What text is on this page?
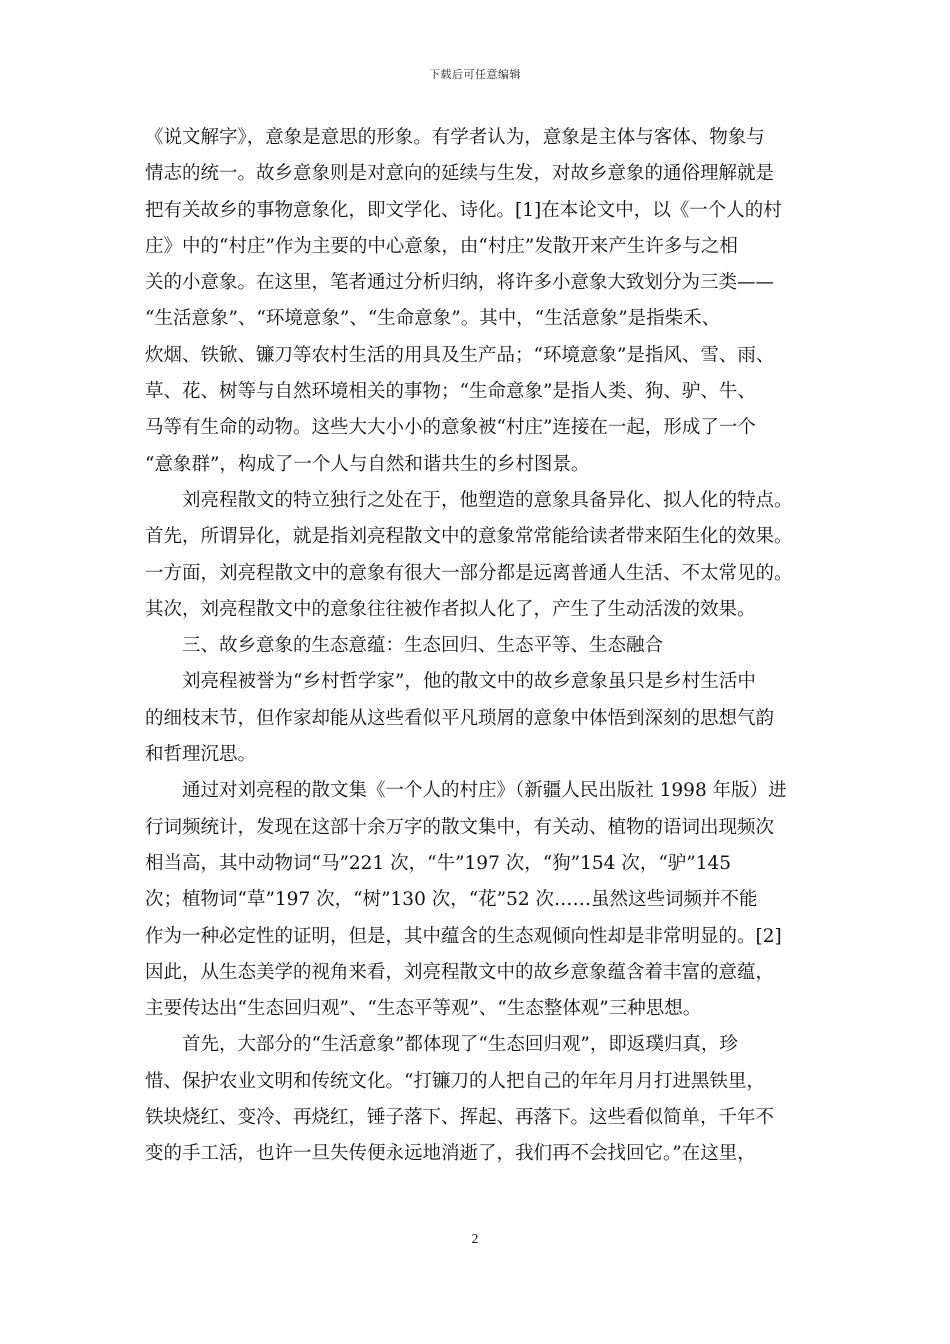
下载后可任意编辑
《说文解字》，意象是意思的形象。有学者认为，意象是主体与客体、物象与
情志的统一。故乡意象则是对意向的延续与生发，对故乡意象的通俗理解就是
把有关故乡的事物意象化，即文学化、诗化。[1]在本论文中，以《一个人的村
庄》中的“村庄”作为主要的中心意象，由“村庄”发散开来产生许多与之相
关的小意象。在这里，笔者通过分析归纳，将许多小意象大致划分为三类——
“生活意象”、“环境意象”、“生命意象”。其中，“生活意象”是指柴禾、
炊烟、铁锨、镰刀等农村生活的用具及生产品；“环境意象”是指风、雪、雨、
草、花、树等与自然环境相关的事物；“生命意象”是指人类、狗、驴、牛、
马等有生命的动物。这些大大小小的意象被“村庄”连接在一起，形成了一个
“意象群”，构成了一个人与自然和谐共生的乡村图景。
　　刘亮程散文的特立独行之处在于，他塑造的意象具备异化、拟人化的特点。
首先，所谓异化，就是指刘亮程散文中的意象常常能给读者带来陌生化的效果。
一方面，刘亮程散文中的意象有很大一部分都是远离普通人生活、不太常见的。
其次，刘亮程散文中的意象往往被作者拟人化了，产生了生动活泼的效果。
　　三、故乡意象的生态意蕴：生态回归、生态平等、生态融合
　　刘亮程被誉为“乡村哲学家”，他的散文中的故乡意象虽只是乡村生活中
的细枝末节，但作家却能从这些看似平凡琐屑的意象中体悟到深刻的思想气韵
和哲理沉思。
　　通过对刘亮程的散文集《一个人的村庄》（新疆人民出版社 1998 年版）进
行词频统计，发现在这部十余万字的散文集中，有关动、植物的语词出现频次
相当高，其中动物词“马”221 次，“牛”197 次，“狗”154 次，“驴”145
次；植物词“草”197 次，“树”130 次，“花”52 次……虽然这些词频并不能
作为一种必定性的证明，但是，其中蕴含的生态观倾向性却是非常明显的。[2]
因此，从生态美学的视角来看，刘亮程散文中的故乡意象蕴含着丰富的意蕴，
主要传达出“生态回归观”、“生态平等观”、“生态整体观”三种思想。
　　首先，大部分的“生活意象”都体现了“生态回归观”，即返璞归真，珍
惜、保护农业文明和传统文化。“打镰刀的人把自己的年年月月打进黑铁里，
铁块烧红、变冷、再烧红，锤子落下、挥起、再落下。这些看似简单，千年不
变的手工活，也许一旦失传便永远地消逝了，我们再不会找回它。”在这里，
2
